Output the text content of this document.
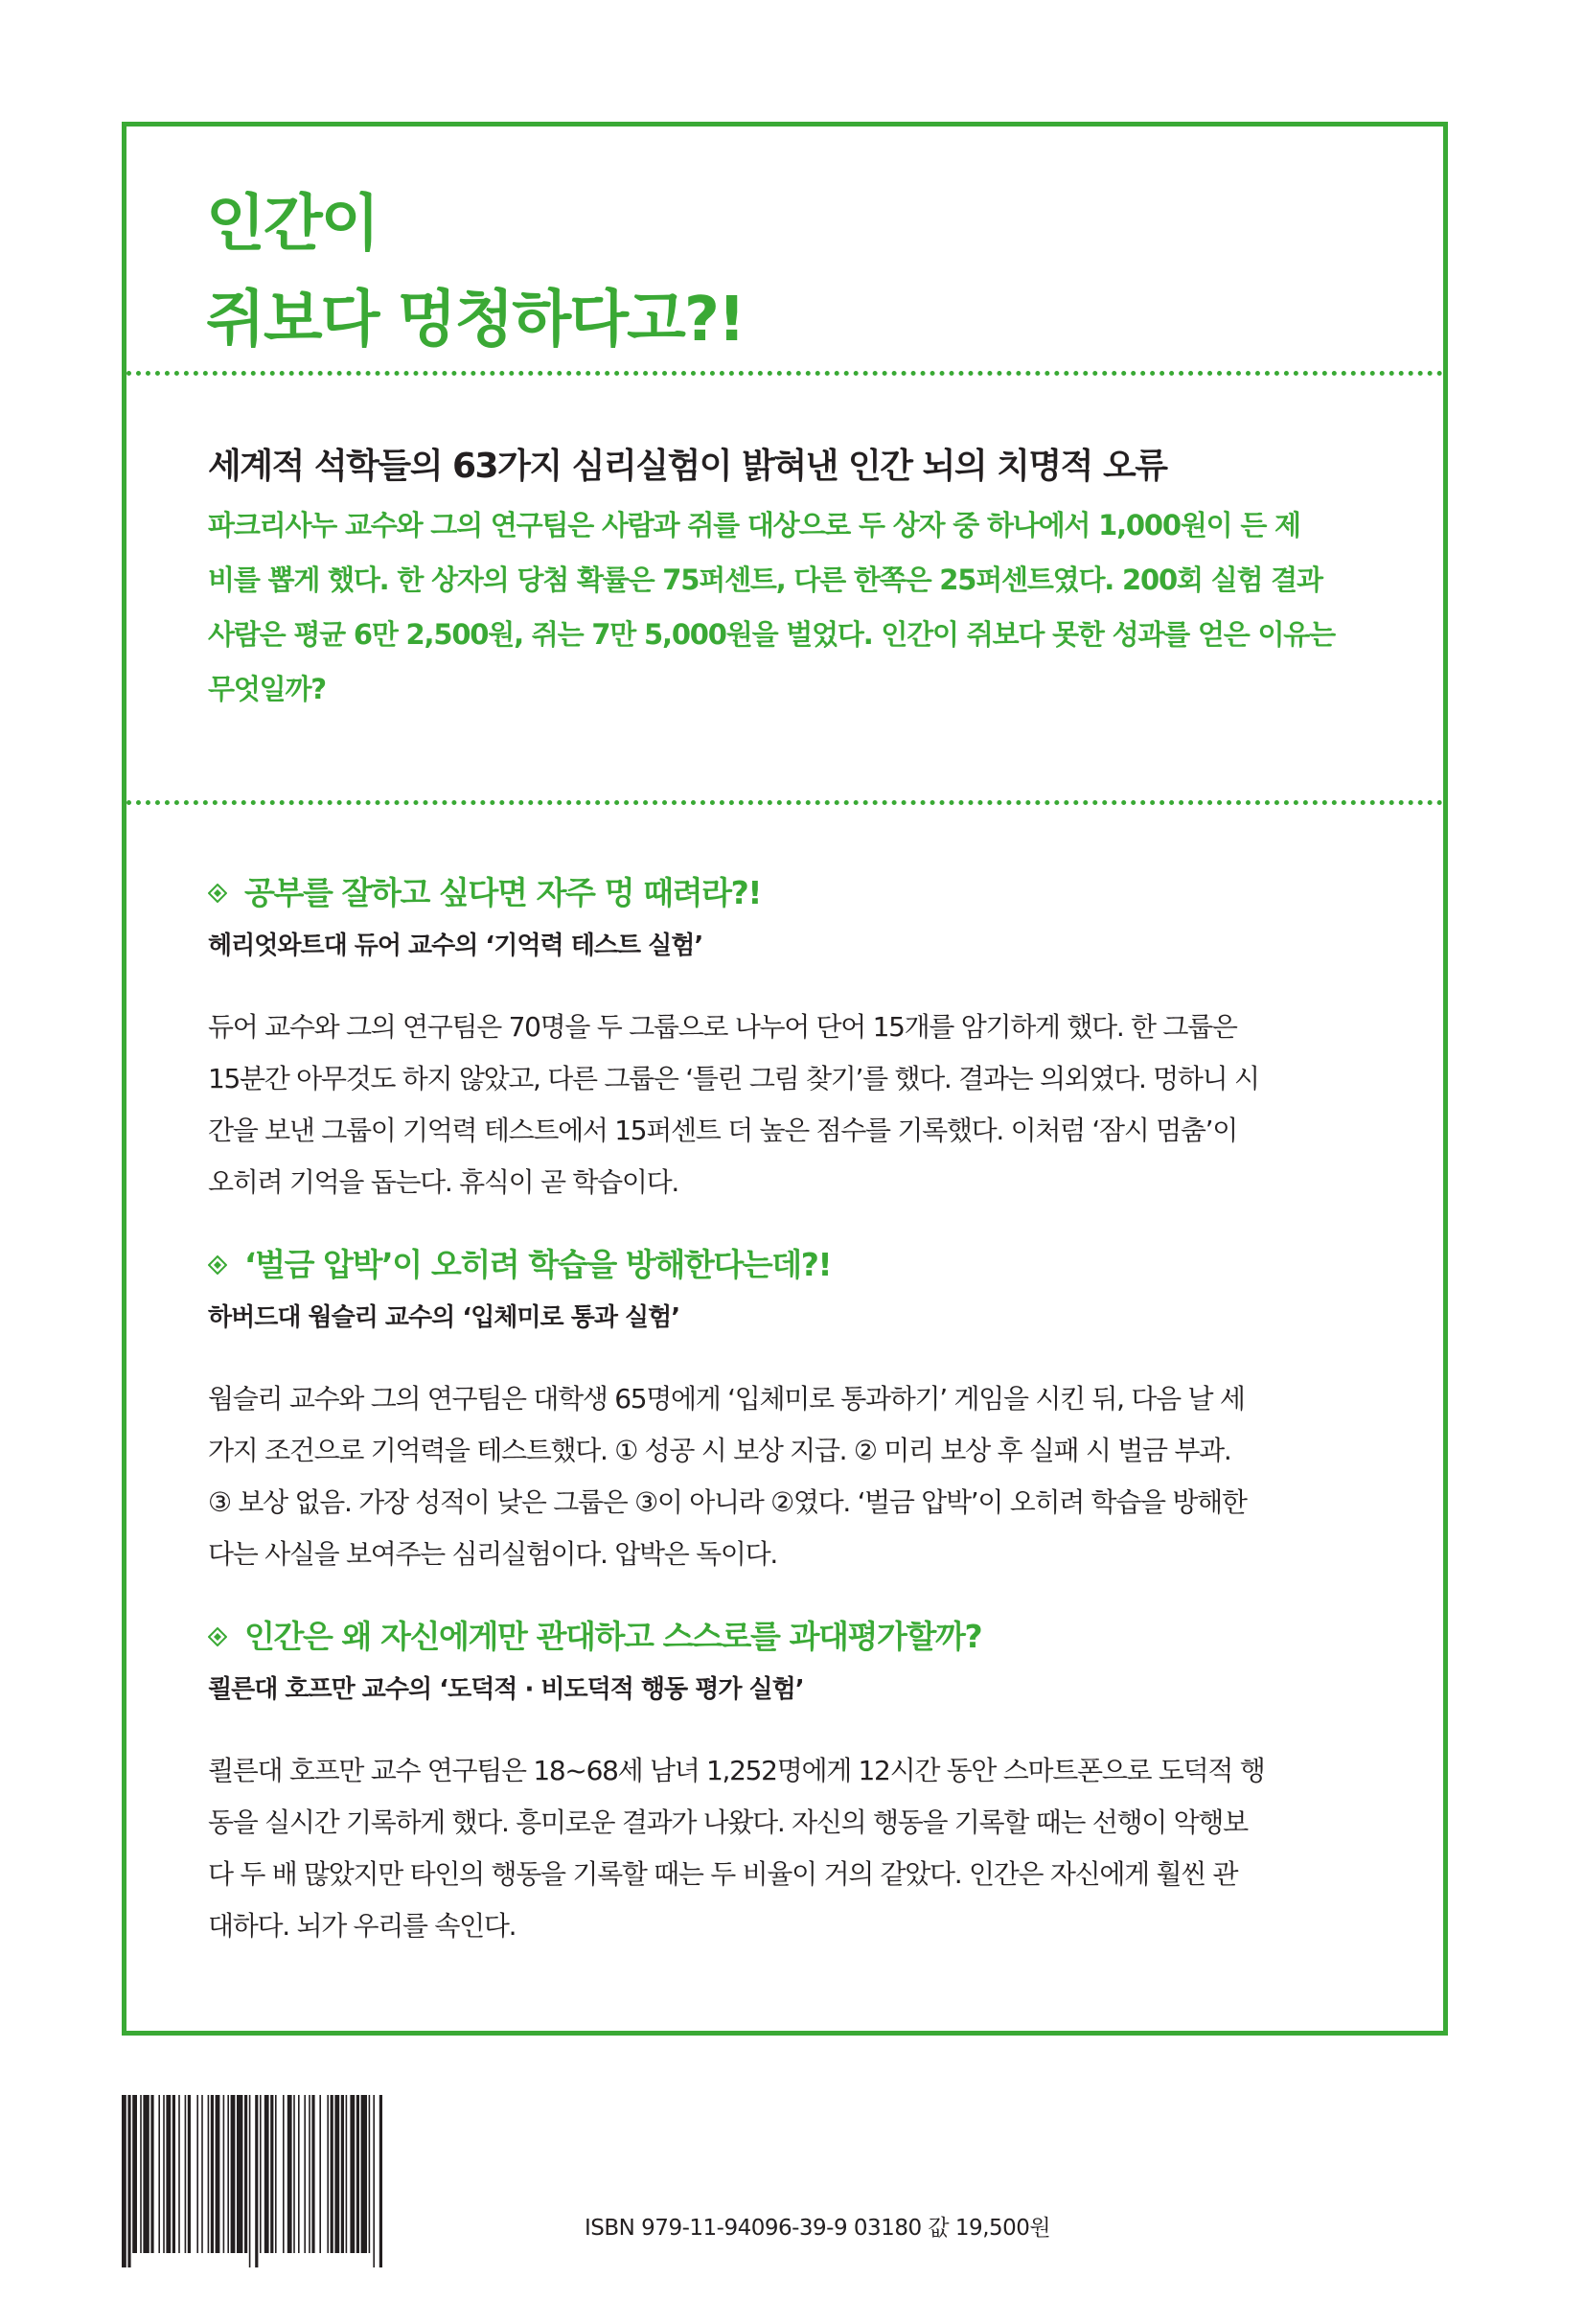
인간이
쥐보다 멍청하다고?!
세계적 석학들의 63가지 심리실험이 밝혀낸 인간 뇌의 치명적 오류
파크리사누 교수와 그의 연구팀은 사람과 쥐를 대상으로 두 상자 중 하나에서 1,000원이 든 제
비를 뽑게 했다. 한 상자의 당첨 확률은 75퍼센트, 다른 한쪽은 25퍼센트였다. 200회 실험 결과
사람은 평균 6만 2,500원, 쥐는 7만 5,000원을 벌었다. 인간이 쥐보다 못한 성과를 얻은 이유는
무엇일까?
공부를 잘하고 싶다면 자주 멍 때려라?!
헤리엇와트대 듀어 교수의 ‘기억력 테스트 실험’
듀어 교수와 그의 연구팀은 70명을 두 그룹으로 나누어 단어 15개를 암기하게 했다. 한 그룹은
15분간 아무것도 하지 않았고, 다른 그룹은 ‘틀린 그림 찾기’를 했다. 결과는 의외였다. 멍하니 시
간을 보낸 그룹이 기억력 테스트에서 15퍼센트 더 높은 점수를 기록했다. 이처럼 ‘잠시 멈춤’이
오히려 기억을 돕는다. 휴식이 곧 학습이다.
‘벌금 압박’이 오히려 학습을 방해한다는데?!
하버드대 웜슬리 교수의 ‘입체미로 통과 실험’
웜슬리 교수와 그의 연구팀은 대학생 65명에게 ‘입체미로 통과하기’ 게임을 시킨 뒤, 다음 날 세
가지 조건으로 기억력을 테스트했다. ① 성공 시 보상 지급. ② 미리 보상 후 실패 시 벌금 부과.
③ 보상 없음. 가장 성적이 낮은 그룹은 ③이 아니라 ②였다. ‘벌금 압박’이 오히려 학습을 방해한
다는 사실을 보여주는 심리실험이다. 압박은 독이다.
인간은 왜 자신에게만 관대하고 스스로를 과대평가할까?
쾰른대 호프만 교수의 ‘도덕적 · 비도덕적 행동 평가 실험’
쾰른대 호프만 교수 연구팀은 18~68세 남녀 1,252명에게 12시간 동안 스마트폰으로 도덕적 행
동을 실시간 기록하게 했다. 흥미로운 결과가 나왔다. 자신의 행동을 기록할 때는 선행이 악행보
다 두 배 많았지만 타인의 행동을 기록할 때는 두 비율이 거의 같았다. 인간은 자신에게 훨씬 관
대하다. 뇌가 우리를 속인다.
ISBN 979-11-94096-39-9 03180 값 19,500원
